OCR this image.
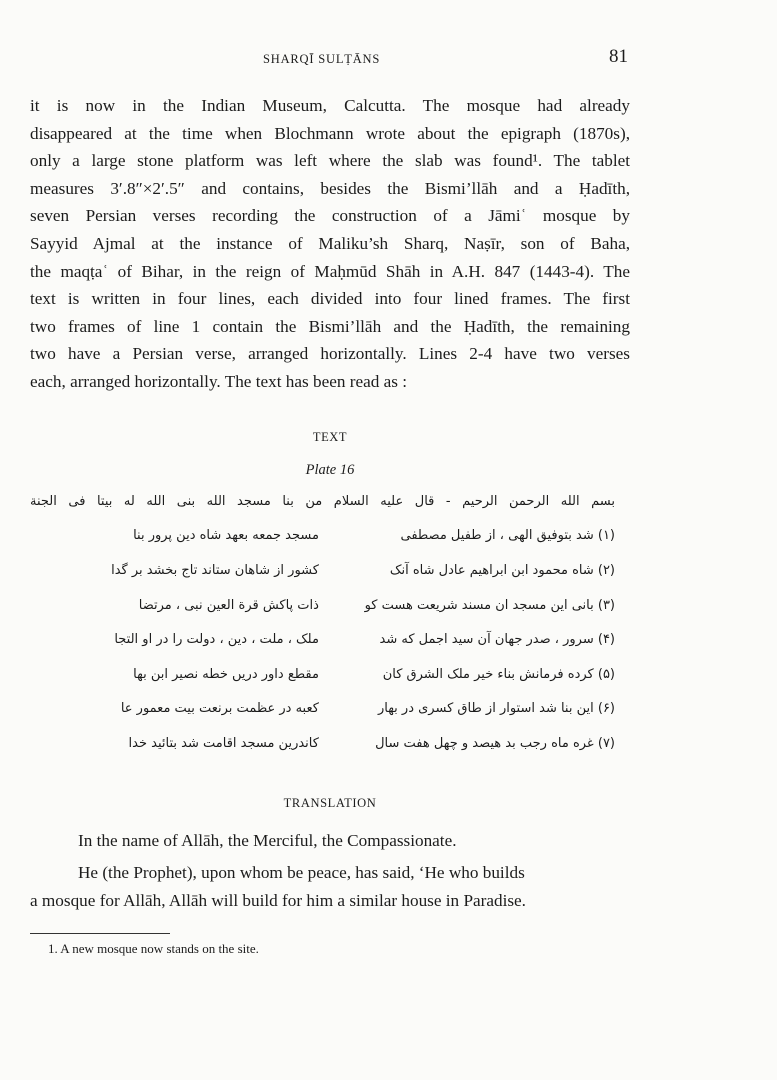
SHARQĪ SULṬĀNS	81
it is now in the Indian Museum, Calcutta. The mosque had already
disappeared at the time when Blochmann wrote about the epigraph (1870s),
only a large stone platform was left where the slab was found¹. The tablet
measures 3′.8″×2′.5″ and contains, besides the Bismi’llāh and a Ḥadīth,
seven Persian verses recording the construction of a Jāmiʿ mosque by
Sayyid Ajmal at the instance of Maliku’sh Sharq, Naṣīr, son of Baha,
the maqṭaʿ of Bihar, in the reign of Maḥmūd Shāh in A.H. 847 (1443-4). The
text is written in four lines, each divided into four lined frames. The first
two frames of line 1 contain the Bismi’llāh and the Ḥadīth, the remaining
two have a Persian verse, arranged horizontally. Lines 2-4 have two verses
each, arranged horizontally. The text has been read as :
TEXT
Plate 16
بسم الله الرحمن الرحیم - قال علیه السلام من بنا مسجد الله بنی الله له بیتا فی الجنة
(۱) شد بتوفیق الهی ، از طفیل مصطفی
مسجد جمعه بعهد شاه دین پرور بنا
(۲) شاه محمود ابن ابراهیم عادل شاه آنک
کشور از شاهان ستاند تاج بخشد بر گدا
(۳) بانی این مسجد ان مسند شریعت هست کو
ذات پاکش قرة العین نبی ، مرتضا
(۴) سرور ، صدر جهان آن سید اجمل که شد
ملک ، ملت ، دین ، دولت را در او التجا
(۵) کرده فرمانش بناء خیر ملک الشرق کان
مقطع داور دریں خطه نصیر ابن بها
(۶) این بنا شد استوار از طاق کسری در بهار
کعبه در عظمت برنعت بیت معمور عا
(۷) غره ماه رجب بد هیصد و چهل هفت سال
کاندرین مسجد اقامت شد بتائید خدا
TRANSLATION
In the name of Allāh, the Merciful, the Compassionate.
He (the Prophet), upon whom be peace, has said, ‘He who builds
a mosque for Allāh, Allāh will build for him a similar house in Paradise.
1. A new mosque now stands on the site.
